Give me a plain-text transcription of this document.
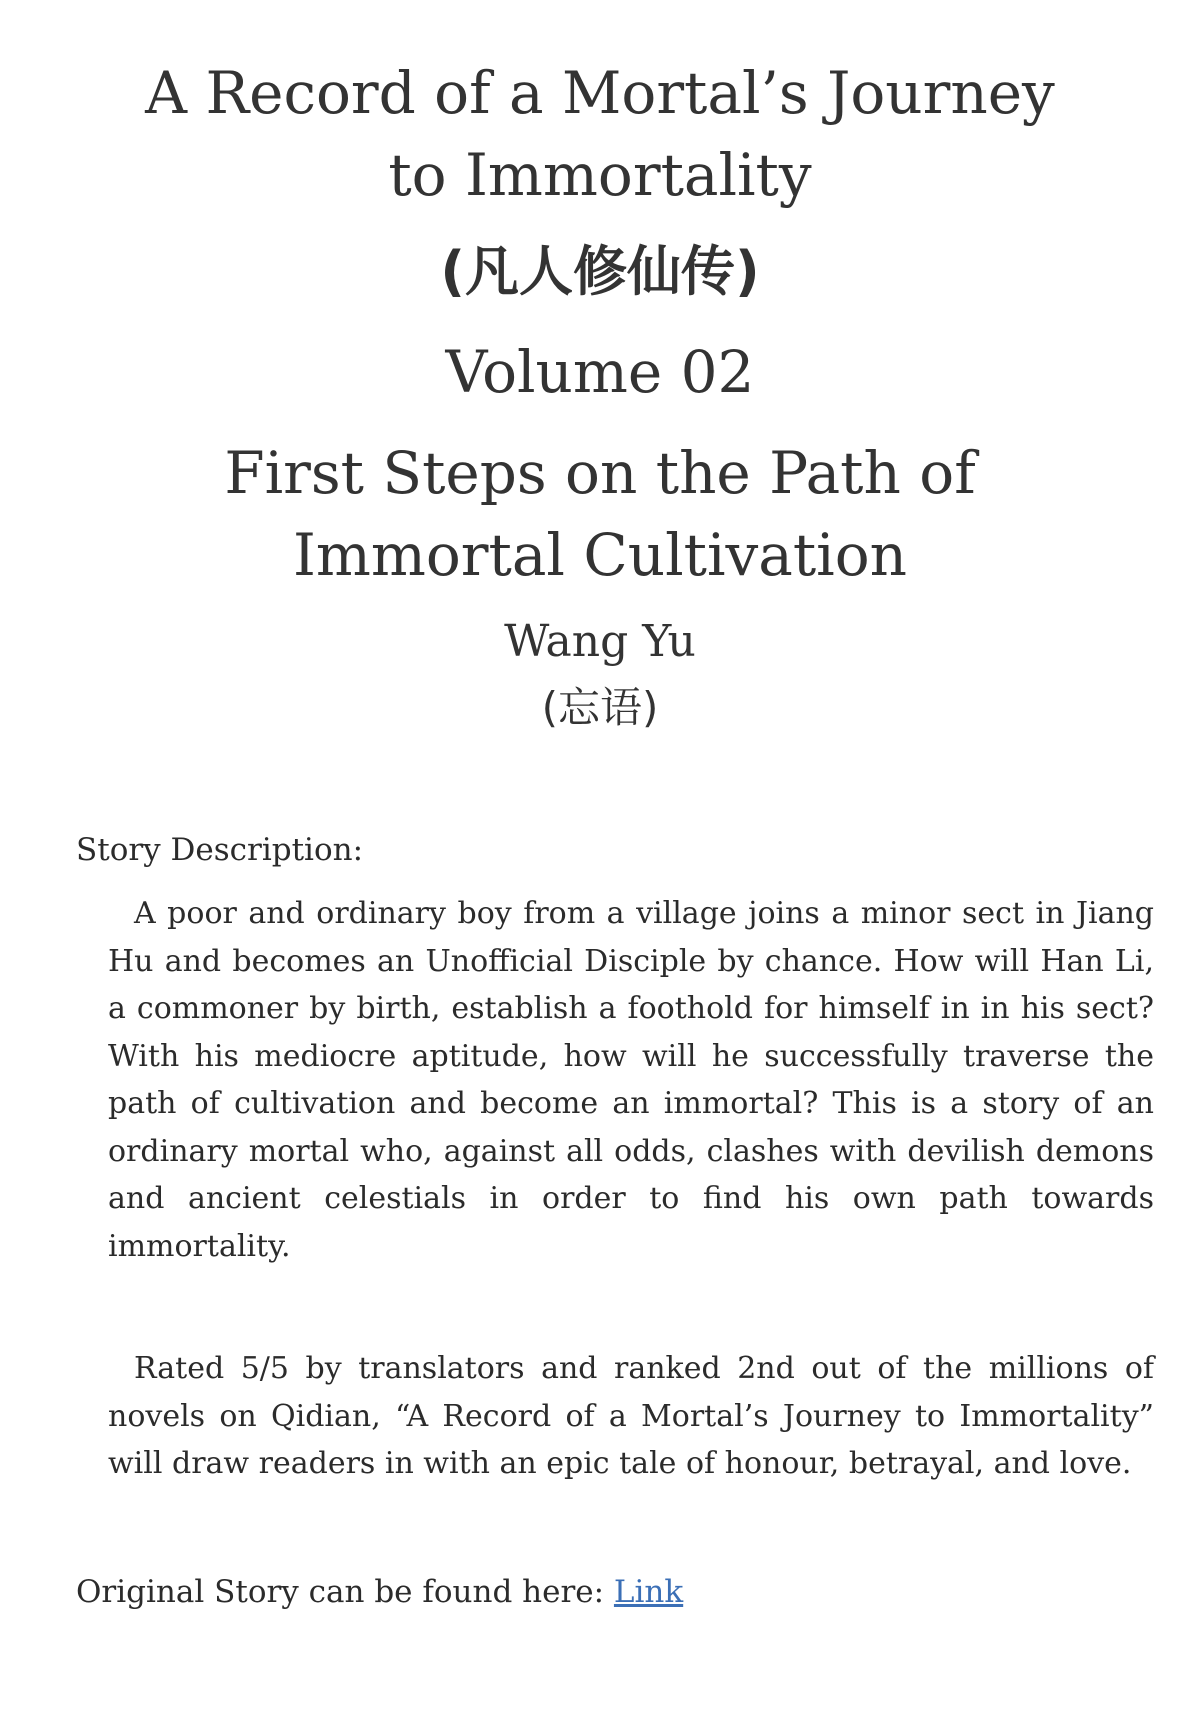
A Record of a Mortal’s Journey to Immortality
(凡人修仙传)
Volume 02
First Steps on the Path of Immortal Cultivation
Wang Yu
(忘语)

Story Description:

A poor and ordinary boy from a village joins a minor sect in Jiang Hu and becomes an Unofficial Disciple by chance. How will Han Li, a commoner by birth, establish a foothold for himself in in his sect? With his mediocre aptitude, how will he successfully traverse the path of cultivation and become an immortal? This is a story of an ordinary mortal who, against all odds, clashes with devilish demons and ancient celestials in order to find his own path towards immortality.

Rated 5/5 by translators and ranked 2nd out of the millions of novels on Qidian, “A Record of a Mortal’s Journey to Immortality” will draw readers in with an epic tale of honour, betrayal, and love.

Original Story can be found here: Link
